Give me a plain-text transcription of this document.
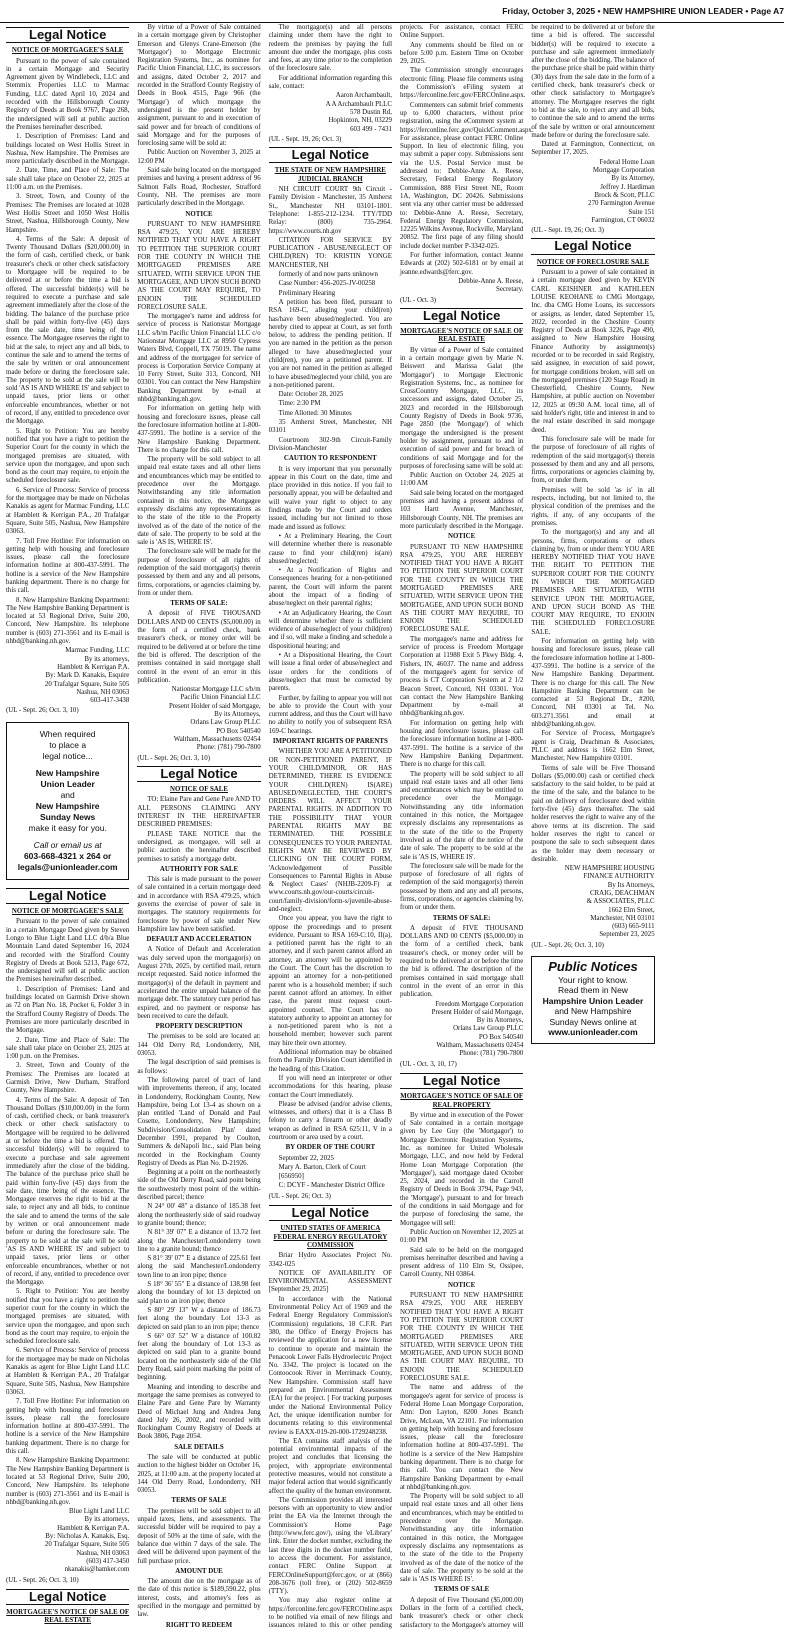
Friday, October 3, 2025 • NEW HAMPSHIRE UNION LEADER • Page A7
Legal Notice
NOTICE OF MORTGAGEE'S SALE

Pursuant to the power of sale contained in a certain Mortgage and Security Agreement given by Windlebeck, LLC and Stemmix Properties LLC to Marmac Funding, LLC dated April 10, 2024 and recorded with the Hillsborough County Registry of Deeds at Book 9767, Page 268, the undersigned will sell at public auction the Premises hereinafter described.

1. Description of Premises: Land and buildings located on West Hollis Street in Nashua, New Hampshire. The Premises are more particularly described in the Mortgage.

2. Date, Time, and Place of Sale: The sale shall take place on October 22, 2025 at 11:00 a.m. on the Premises.

3. Street, Town, and County of the Premises: The Premises are located at 1028 West Hollis Street and 1050 West Hollis Street, Nashua, Hillsborough County, New Hampshire.

4. Terms of the Sale: A deposit of Twenty Thousand Dollars ($20,000.00) in the form of cash, certified check, or bank treasurer's check or other check satisfactory to Mortgagee will be required to be delivered at or before the time a bid is offered. The successful bidder(s) will be required to execute a purchase and sale agreement immediately after the close of the bidding. The balance of the purchase price shall be paid within forty-five (45) days from the sale date, time being of the essence. The Mortgagee reserves the right to bid at the sale, to reject any and all bids, to continue the sale and to amend the terms of the sale by written or oral announcement made before or during the foreclosure sale. The property to be sold at the sale will be sold 'AS IS AND WHERE IS' and subject to unpaid taxes, prior liens or other enforceable encumbrances, whether or not of record, if any, entitled to precedence over the Mortgage.

5. Right to Petition: You are hereby notified that you have a right to petition the Superior Court for the county in which the mortgaged premises are situated, with service upon the mortgagee, and upon such bond as the court may require, to enjoin the scheduled foreclosure sale.

6. Service of Process: Service of process for the mortgagee may be made on Nicholas Kanakis as agent for Marmac Funding, LLC at Hamblett & Kerrigan P.A., 20 Trafalgar Square, Suite 505, Nashua, New Hampshire 03063.

7. Toll Free Hotline: For information on getting help with housing and foreclosure issues, please call the foreclosure information hotline at 800-437-5991. The hotline is a service of the New Hampshire banking department. There is no charge for this call.

8. New Hampshire Banking Department: The New Hampshire Banking Department is located at 53 Regional Drive, Suite 200, Concord, New Hampshire. Its telephone number is (603) 271-3561 and its E-mail is nhbd@banking.nh.gov.

Marmac Funding, LLC

By its attorneys,

Hamblett & Kerrigan P.A.

By: Mark D. Kanakis, Esquire

20 Trafalgar Square, Suite 505

Nashua, NH 03063

603-417-3438

(UL - Sept. 26; Oct. 3, 10)

When required
to place a
legal notice...
New Hampshire
Union Leader
and
New Hampshire
Sunday News
make it easy for you.
Call or email us at
603-668-4321 x 264 or
legals@unionleader.com
Legal Notice
NOTICE OF MORTGAGEE'S SALE

Pursuant to the power of sale contained in a certain Mortgage Deed given by Steven Longo to Blue Light Land LLC d/b/a Blue Mountain Land dated September 16, 2024 and recorded with the Strafford County Registry of Deeds at Book 5213, Page 672, the undersigned will sell at public auction the Premises hereinafter described.

1. Description of Premises: Land and buildings located on Garmish Drive shown as 72 on Plan No. 18, Pocket 6, Folder 3 in the Strafford County Registry of Deeds. The Premises are more particularly described in the Mortgage.

2. Date, Time and Place of Sale: The sale shall take place on October 23, 2025 at 1:00 p.m. on the Premises.

3. Street, Town and County of the Premises: The Premises are located at Garmish Drive, New Durham, Strafford County, New Hampshire.

4. Terms of the Sale: A deposit of Ten Thousand Dollars ($10,000.00) in the form of cash, certified check, or bank treasurer's check or other check satisfactory to Mortgagee will be required to be delivered at or before the time a bid is offered. The successful bidder(s) will be required to execute a purchase and sale agreement immediately after the close of the bidding. The balance of the purchase price shall be paid within forty-five (45) days from the sale date, time being of the essence. The Mortgagee reserves the right to bid at the sale, to reject any and all bids, to continue the sale and to amend the terms of the sale by written or oral announcement made before or during the foreclosure sale. The property to be sold at the sale will be sold 'AS IS AND WHERE IS' and subject to unpaid taxes, prior liens or other enforceable encumbrances, whether or not of record, if any, entitled to precedence over the Mortgage.

5. Right to Petition: You are hereby notified that you have a right to petition the superior court for the county in which the mortgaged premises are situated, with service upon the mortgagee, and upon such bond as the court may require, to enjoin the scheduled foreclosure sale.

6. Service of Process: Service of process for the mortgagee may be made on Nicholas Kanakis as agent for Blue Light Land LLC at Hamblett & Kerrigan P.A., 20 Trafalgar Square, Suite 505, Nashua, New Hampshire 03063.

7. Toll Free Hotline: For information on getting help with housing and foreclosure issues, please call the foreclosure information hotline at 800-437-5991. The hotline is a service of the New Hampshire banking department. There is no charge for this call.

8. New Hampshire Banking Department: The New Hampshire Banking Department is located at 53 Regional Drive, Suite 200, Concord, New Hampshire. Its telephone number is (603) 271-3561 and its E-mail is nhbd@banking.nh.gov.

Blue Light Land LLC

By its attorneys,

Hamblett & Kerrigan P.A.

By: Nicholas A. Kanakis, Esq.

20 Trafalgar Square, Suite 505

Nashua, NH 03063

(603) 417-3450

nkanakis@hamker.com

(UL - Sept. 26; Oct. 3, 10)

Legal Notice
MORTGAGEE'S NOTICE OF SALE OF REAL ESTATE

By virtue of a Power of Sale contained in a certain mortgage given by Christopher Emerson and Glenys Crane-Emerson (the 'Mortgagor') to Mortgage Electronic Registration Systems, Inc., as nominee for Pacific Union Financial, LLC, its successors and assigns, dated October 2, 2017 and recorded in the Strafford County Registry of Deeds in Book 4515, Page 966 (the 'Mortgage') of which mortgage the undersigned is the present holder by assignment, pursuant to and in execution of said power and for breach of conditions of said Mortgage and for the purposes of foreclosing same will be sold at:

Public Auction on November 3, 2025 at 12:00 PM

Said sale being located on the mortgaged premises and having a present address of 96 Salmon Falls Road, Rochester, Strafford County, NH. The premises are more particularly described in the Mortgage.

NOTICE

PURSUANT TO NEW HAMPSHIRE RSA 479:25, YOU ARE HEREBY NOTIFIED THAT YOU HAVE A RIGHT TO PETITION THE SUPERIOR COURT FOR THE COUNTY IN WHICH THE MORTGAGED PREMISES ARE SITUATED, WITH SERVICE UPON THE MORTGAGEE, AND UPON SUCH BOND AS THE COURT MAY REQUIRE, TO ENJOIN THE SCHEDULED FORECLOSURE SALE.

The mortgagee's name and address for service of process is Nationstar Mortgage LLC s/b/m Pacific Union Financial LLC c/o Nationstar Mortgage LLC at 8950 Cypress Waters Blvd, Coppell, TX 75019. The name and address of the mortgagee for service of process is Corporation Service Company at 10 Ferry Street, Suite 313, Concord, NH 03301. You can contact the New Hampshire Banking Department by e-mail at nhbd@banking.nh.gov.

For information on getting help with housing and foreclosure issues, please call the foreclosure information hotline at 1-800-437-5991. The hotline is a service of the New Hampshire Banking Department. There is no charge for this call.

The property will be sold subject to all unpaid real estate taxes and all other liens and encumbrances which may be entitled to precedence over the Mortgage. Notwithstanding any title information contained in this notice, the Mortgagee expressly disclaims any representations as to the state of the title to the Property involved as of the date of the notice of the date of sale. The property to be sold at the sale is 'AS IS, WHERE IS'.

The foreclosure sale will be made for the purpose of foreclosure of all rights of redemption of the said mortgagor(s) therein possessed by them and any and all persons, firms, corporations, or agencies claiming by, from or under them.

TERMS OF SALE:

A deposit of FIVE THOUSAND DOLLARS AND 00 CENTS ($5,000.00) in the form of a certified check, bank treasurer's check, or money order will be required to be delivered at or before the time the bid is offered. The description of the premises contained in said mortgage shall control in the event of an error in this publication.

Nationstar Mortgage LLC s/b/m

Pacific Union Financial LLC

Present Holder of said Mortgage,

By its Attorneys,

Orlans Law Group PLLC

PO Box 540540

Waltham, Massachusetts 02454

Phone: (781) 790-7800

(UL - Sept. 26; Oct. 3, 10)

Legal Notice
NOTICE OF SALE

TO: Elaine Pare and Gene Pare AND TO ALL PERSONS CLAIMING ANY INTEREST IN THE HEREINAFTER DESCRIBED PREMISES:

PLEASE TAKE NOTICE that the undersigned, as mortgagee, will sell at public auction the hereinafter described premises to satisfy a mortgage debt.

AUTHORITY FOR SALE

This sale is made pursuant to the power of sale contained in a certain mortgage deed and in accordance with RSA 479:25, which governs the exercise of power of sale in mortgages. The statutory requirements for foreclosure by power of sale under New Hampshire law have been satisfied.

DEFAULT AND ACCELERATION

A Notice of Default and Acceleration was duly served upon the mortgagor(s) on August 27th, 2025, by certified mail, return receipt requested. Said notice informed the mortgagor(s) of the default in payment and accelerated the entire unpaid balance of the mortgage debt. The statutory cure period has expired, and no payment or response has been received to cure the default.

PROPERTY DESCRIPTION

The premises to be sold are located at: 144 Old Derry Rd, Londonderry, NH, 03053.

The legal description of said premises is as follows:

The following parcel of tract of land with improvements thereon, if any, located in Londonderry, Rockingham County, New Hampshire, being Lot 13-4 as shown on a plan entitled 'Land of Donald and Paul Cosette, Londonderry, New Hampshire; Subdivision/Consolidation Plan' dated December 1991, prepared by Coulton, Summers & deNapoli Inc., said Plan being recorded in the Rockingham County Registry of Deeds as Plan No. D-21926.

Beginning at a point on the northeasterly side of the Old Derry Road, said point being the southwesterly most point of the within-described parcel; thence

N 24° 00' 48" a distance of 185.38 feet along the northeasterly side of said roadway to granite bound; thence;

N 81° 39' 07" E a distance of 13.72 feet along the Manchester/Londonderry town line to a granite bound; thence

S 81° 39' 07" E a distance of 225.61 feet along the said Manchester/Londonderry town line to an iron pipe; thence

S 18° 36' 55" E a distance of 138.98 feet along the boundary of lot 13 depicted on said plan to an iron pipe; thence

S 80° 29' 13" W a distance of 186.73 feet along the boundary Lot 13-3 as depicted on said plan to an iron pipe; thence

S 66° 03' 52" W a distance of 100.82 feet along the boundary of Lot 13-3 as depicted on said plan to a granite bound located on the northeasterly side of the Old Derry Road, said point marking the point of beginning.

Meaning and intending to describe and mortgage the same premises as conveyed to Elaine Pare and Gene Pare by Warranty Deed of Michael Jung and Andrea Jung dated July 26, 2002, and recorded with Rockingham County Registry of Deeds at Book 3806, Page 2054.

SALE DETAILS

The sale will be conducted at public auction to the highest bidder on October 16, 2025, at 11:00 a.m. at the property located at 144 Old Derry Road, Londonderry, NH 03053.

TERMS OF SALE

The premises will be sold subject to all unpaid taxes, liens, and assessments. The successful bidder will be required to pay a deposit of 50% at the time of sale, with the balance due within 7 days of the sale. The deed will be delivered upon payment of the full purchase price.

AMOUNT DUE

The amount due on the mortgage as of the date of this notice is $189,590.22, plus interest, costs, and attorney's fees as specified in the mortgage and permitted by law.

RIGHT TO REDEEM

The mortgagor(s) and all persons claiming under them have the right to redeem the premises by paying the full amount due under the mortgage, plus costs and fees, at any time prior to the completion of the foreclosure sale.

For additional information regarding this sale, contact:

Aaron Archambault,

A A Archambault PLLC

578 Dustin Rd,

Hopkinton, NH, 03229

603 499 - 7431

(UL - Sept. 19, 26; Oct. 3)

Legal Notice
THE STATE OF NEW HAMPSHIRE JUDICIAL BRANCH

NH CIRCUIT COURT 9th Circuit - Family Division - Manchester, 35 Amherst St., Manchester NH 03101-1801. Telephone: 1-855-212-1234. TTY/TDD Relay: (800) 735-2964. https://www.courts.nh.gov

CITATION FOR SERVICE BY PUBLICATION - ABUSE/NEGLECT OF CHILD(REN) TO: KRISTIN YONGE MANCHESTER, NH

formerly of and now parts unknown

Case Number: 456-2025-JV-00258

Preliminary Hearing

A petition has been filed, pursuant to RSA 169-C, alleging your child(ren) has/have been abused/neglected. You are hereby cited to appear at Court, as set forth below, to address the pending petition. If you are named in the petition as the person alleged to have abused/neglected your child(ren), you are a petitioned parent. If you are not named in the petition as alleged to have abused/neglected your child, you are a non-petitioned parent.

Date: October 28, 2025

Time: 2:30 PM

Time Allotted: 30 Minutes

35 Amherst Street, Manchester, NH 03101

Courtroom 302-9th Circuit-Family Division-Manchester

CAUTION TO RESPONDENT

It is very important that you personally appear in this Court on the date, time and place provided in this notice. If you fail to personally appear, you will be defaulted and will waive your right to object to any findings made by the Court and orders issued, including but not limited to those made and issued as follows:

• At a Preliminary Hearing, the Court will determine whether there is reasonable cause to find your child(ren) is(are) abused/neglected;

• At a Notification of Rights and Consequences hearing for a non-petitioned parent, the Court will inform the parent about the impact of a finding of abuse/neglect on their parental rights;

• At an Adjudicatory Hearing, the Court will determine whether there is sufficient evidence of abuse/neglect of your child(ren) and if so, will make a finding and schedule a dispositional hearing; and

• At a Dispositional Hearing, the Court will issue a final order of abuse/neglect and issue orders for the conditions of abuse/neglect that must be corrected by parents.

Further, by failing to appear you will not be able to provide the Court with your current address, and thus the Court will have no ability to notify you of subsequent RSA 169-C hearings.

IMPORTANT RIGHTS OF PARENTS

WHETHER YOU ARE A PETITIONED OR NON-PETITIONED PARENT, IF YOUR CHILD/MINOR, OR HAS DETERMINED, THERE IS EVIDENCE YOUR CHILD(REN) IS(ARE) ABUSED/NEGLECTED, THE COURT'S ORDERS WILL AFFECT YOUR PARENTAL RIGHTS. IN ADDITION TO THE POSSIBILITY THAT YOUR PARENTAL RIGHTS MAY BE TERMINATED. THE POSSIBLE CONSEQUENCES TO YOUR PARENTAL RIGHTS MAY BE REVIEWED BY CLICKING ON THE COURT FORM, 'Acknowledgement of Possible Consequences to Parental Rights in Abuse & Neglect Cases' (NHJB-2209-F) at www.courts.nh.gov/our-courts/circuit-court/family-division/form-s/juvenile-abuse-and-neglect.

Once you appear, you have the right to oppose the proceedings and to present evidence. Pursuant to RSA 169-C:10, II(a), a petitioned parent has the right to an attorney, and if such parent cannot afford an attorney, an attorney will be appointed by the Court. The Court has the discretion to appoint an attorney for a non-petitioned parent who is a household member; if such parent cannot afford an attorney. In either case, the parent must request court-appointed counsel. The Court has no statutory authority to appoint an attorney for a non-petitioned parent who is not a household member; however such parent may hire their own attorney.

Additional information may be obtained from the Family Division Court identified in the heading of this Citation.

If you will need an interpreter or other accommodations for this hearing, please contact the Court immediately.

Please be advised (and/or advise clients, witnesses, and others) that it is a Class B felony to carry a firearm or other deadly weapon as defined in RSA 625:11, V in a courtroom or area used by a court.

BY ORDER OF THE COURT

September 22, 2025

Mary A. Barton, Clerk of Court

[656950]

C: DCYF - Manchester District Office

(UL - Sept. 26; Oct. 3)

Legal Notice
UNITED STATES OF AMERICA FEDERAL ENERGY REGULATORY COMMISSION

Briar Hydro Associates Project No. 3342-025

NOTICE OF AVAILABILITY OF ENVIRONMENTAL ASSESSMENT [September 29, 2025]

In accordance with the National Environmental Policy Act of 1969 and the Federal Energy Regulatory Commission's (Commission) regulations, 18 C.F.R. Part 380, the Office of Energy Projects has reviewed the application for a new license to continue to operate and maintain the Penacook Lower Falls Hydroelectric Project No. 3342. The project is located on the Contoocook River in Merrimack County, New Hampshire. Commission staff have prepared an Environmental Assessment (EA) for the project. [ For tracking purposes under the National Environmental Policy Act, the unique identification number for documents relating to this environmental review is EAXX-019-20-000-1729248238.

The EA contains staff analysis of the potential environmental impacts of the project and concludes that licensing the project, with appropriate environmental protective measures, would not constitute a major federal action that would significantly affect the quality of the human environment.

The Commission provides all interested persons with an opportunity to view and/or print the EA via the Internet through the Commission's Home Page (http://www.ferc.gov/), using the 'eLibrary' link. Enter the docket number, excluding the last three digits in the docket number field, to access the document. For assistance, contact FERC Online Support at FERCOnlineSupport@ferc.gov, or at (866) 208-3676 (toll free), or (202) 502-8659 (TTY).

You may also register online at https://ferconline.ferc.gov/FERCOnline.aspx to be notified via email of new filings and issuances related to this or other pending projects. For assistance, contact FERC Online Support.

Any comments should be filed on or before 5:00 p.m. Eastern Time on October 29, 2025.

The Commission strongly encourages electronic filing. Please file comments using the Commission's eFiling system at https://ferconline.ferc.gov/FERCOnline.aspx.

Commenters can submit brief comments up to 6,000 characters, without prior registration, using the eComment system at https://ferconline.ferc.gov/QuickComment.aspx. For assistance, please contact FERC Online Support. In lieu of electronic filing, you may submit a paper copy. Submissions sent via the U.S. Postal Service must be addressed to: Debbie-Anne A. Reese, Secretary, Federal Energy Regulatory Commission, 888 First Street NE, Room 1A, Washington, DC 20426. Submissions sent via any other carrier must be addressed to: Debbie-Anne A. Reese, Secretary, Federal Energy Regulatory Commission, 12225 Wilkins Avenue, Rockville, Maryland 20852. The first page of any filing should include docket number P-3342-025.

For further information, contact Jeanne Edwards at (202) 502-6181 or by email at jeanne.edwards@ferc.gov.

Debbie-Anne A. Reese,

Secretary.

(UL - Oct. 3)

Legal Notice
MORTGAGEE'S NOTICE OF SALE OF REAL ESTATE

By virtue of a Power of Sale contained in a certain mortgage given by Marie N. Beiswert and Marissa Galat (the 'Mortgagor') to Mortgage Electronic Registration Systems, Inc., as nominee for CrossCountry Mortgage, LLC, its successors and assigns, dated October 25, 2023 and recorded in the Hillsborough County Registry of Deeds in Book 9736, Page 2850 (the 'Mortgage') of which mortgage the undersigned is the present holder by assignment, pursuant to and in execution of said power and for breach of conditions of said Mortgage and for the purposes of foreclosing same will be sold at:

Public Auction on October 24, 2025 at 11:00 AM

Said sale being located on the mortgaged premises and having a present address of 103 Hartt Avenue, Manchester, Hillsborough County, NH. The premises are more particularly described in the Mortgage.

NOTICE

PURSUANT TO NEW HAMPSHIRE RSA 479:25, YOU ARE HEREBY NOTIFIED THAT YOU HAVE A RIGHT TO PETITION THE SUPERIOR COURT FOR THE COUNTY IN WHICH THE MORTGAGED PREMISES ARE SITUATED, WITH SERVICE UPON THE MORTGAGEE, AND UPON SUCH BOND AS THE COURT MAY REQUIRE, TO ENJOIN THE SCHEDULED FORECLOSURE SALE.

The mortgagee's name and address for service of process is Freedom Mortgage Corporation at 11988 Exit 5 Pkwy Bldg. 4, Fishers, IN, 46037. The name and address of the mortgagee's agent for service of process is CT Corporation System at 2 1/2 Beacon Street, Concord, NH 03301. You can contact the New Hampshire Banking Department by e-mail at nhbd@banking.nh.gov.

For information on getting help with housing and foreclosure issues, please call the foreclosure information hotline at 1-800-437-5991. The hotline is a service of the New Hampshire Banking Department. There is no charge for this call.

The property will be sold subject to all unpaid real estate taxes and all other liens and encumbrances which may be entitled to precedence over the Mortgage. Notwithstanding any title information contained in this notice, the Mortgagee expressly disclaims any representations as to the state of the title to the Property involved as of the date of the notice of the date of sale. The property to be sold at the sale is 'AS IS, WHERE IS'.

The foreclosure sale will be made for the purpose of foreclosure of all rights of redemption of the said mortgagor(s) therein possessed by them and any and all persons, firms, corporations, or agencies claiming by, from or under them.

TERMS OF SALE:

A deposit of FIVE THOUSAND DOLLARS AND 00 CENTS ($5,000.00) in the form of a certified check, bank treasurer's check, or money order will be required to be delivered at or before the time the bid is offered. The description of the premises contained in said mortgage shall control in the event of an error in this publication.

Freedom Mortgage Corporation

Present Holder of said Mortgage,

By its Attorneys,

Orlans Law Group PLLC

PO Box 540540

Waltham, Massachusetts 02454

Phone: (781) 790-7800

(UL - Oct. 3, 10, 17)

Legal Notice
MORTGAGEE'S NOTICE OF SALE OF REAL PROPERTY

By virtue and in execution of the Power of Sale contained in a certain mortgage given by Lee Guy (the 'Mortgagor') to Mortgage Electronic Registration Systems, Inc. as nominee for United Wholesale Mortgage, LLC, and now held by Federal Home Loan Mortgage Corporation (the 'Mortgagee'), said mortgage dated October 25, 2024, and recorded in the Carroll Registry of Deeds in Book 3794, Page 943, the 'Mortgage'), pursuant to and for breach of the conditions in said Mortgage and for the purpose of foreclosing the same, the Mortgagee will sell:

Public Auction on November 12, 2025 at 01:00 PM

Said sale to be held on the mortgaged premises hereinafter described and having a present address of 110 Elm St, Ossipee, Carroll County, NH 03864.

NOTICE

PURSUANT TO NEW HAMPSHIRE RSA 479:25, YOU ARE HEREBY NOTIFIED THAT YOU HAVE A RIGHT TO PETITION THE SUPERIOR COURT FOR THE COUNTY IN WHICH THE MORTGAGED PREMISES ARE SITUATED, WITH SERVICE UPON THE MORTGAGEE, AND UPON SUCH BOND AS THE COURT MAY REQUIRE, TO ENJOIN THE SCHEDULED FORECLOSURE SALE.

The name and address of the mortgagee's agent for service of process is Federal Home Loan Mortgage Corporation, Attn: Don Layton, 8200 Jones Branch Drive, McLean, VA 22101. For information on getting help with housing and foreclosure issues, please call the foreclosure information hotline at 800-437-5991. The hotline is a service of the New Hampshire banking department. There is no charge for this call. You can contact the New Hampshire Banking Department by e-mail at nhbd@banking.nh.gov.

The Property will be sold subject to all unpaid real estate taxes and all other liens and encumbrances, which may be entitled to precedence over the Mortgage. Notwithstanding any title information contained in this notice, the Mortgagee expressly disclaims any representations as to the state of the title to the Property involved as of the date of the notice of the date of sale. The property to be sold at the sale is 'AS IS WHERE IS'.

TERMS OF SALE

A deposit of Five Thousand ($5,000.00) Dollars in the form of a certified check, bank treasurer's check or other check satisfactory to the Mortgagee's attorney will be required to be delivered at or before the time a bid is offered. The successful bidder(s) will be required to execute a purchase and sale agreement immediately after the close of the bidding. The balance of the purchase price shall be paid within thirty (30) days from the sale date in the form of a certified check, bank treasurer's check or other check satisfactory to Mortgagee's attorney. The Mortgagee reserves the right to bid at the sale, to reject any and all bids, to continue the sale and to amend the terms of the sale by written or oral announcement made before or during the foreclosure sale.

Dated at Farmington, Connecticut, on September 17, 2025.

Federal Home Loan

Mortgage Corporation

By its Attorney,

Jeffrey J. Hardiman

Brock & Scott, PLLC

270 Farmington Avenue

Suite 151

Farmington, CT 06032

(UL - Sept. 19, 26; Oct. 3)

Legal Notice
NOTICE OF FORECLOSURE SALE

Pursuant to a power of sale contained in a certain mortgage deed given by KEVIN CARL KEISHNER and KATHLEEN LOUISE KEOHANE to CMG Mortgage, Inc. dba CMG Home Loans, its successors or assigns, as lender, dated September 15, 2022, recorded in the Cheshire County Registry of Deeds at Book 3226, Page 490, assigned to New Hampshire Housing Finance Authority by assignment(s) recorded or to be recorded in said Registry, said assignee, in execution of said power, for mortgage conditions broken, will sell on the mortgaged premises (120 Stage Road) in Chesterfield, Cheshire County, New Hampshire, at public auction on November 12, 2025 at 09:30 A.M. local time, all of said holder's right, title and interest in and to the real estate described in said mortgage deed.

This foreclosure sale will be made for the purpose of foreclosure of all rights of redemption of the said mortgagor(s) therein possessed by them and any and all persons, firms, corporations or agencies claiming by, from, or under them.

Premises will be sold 'as is' in all respects, including, but not limited to, the physical condition of the premises and the rights, if any, of any occupants of the premises.

To the mortgagor(s) and any and all persons, firms, corporations or others claiming by, from or under them: YOU ARE HEREBY NOTIFIED THAT YOU HAVE THE RIGHT TO PETITION THE SUPERIOR COURT FOR THE COUNTY IN WHICH THE MORTGAGED PREMISES ARE SITUATED, WITH SERVICE UPON THE MORTGAGEE, AND UPON SUCH BOND AS THE COURT MAY REQUIRE, TO ENJOIN THE SCHEDULED FORECLOSURE SALE.

For information on getting help with housing and foreclosure issues, please call the foreclosure information hotline at 1-800-437-5991. The hotline is a service of the New Hampshire Banking Department. There is no charge for this call. The New Hampshire Banking Department can be contacted at 53 Regional Dr., #200, Concord, NH 03301 at Tel. No. 603.271.3561 and email at nhbd@banking.nh.gov.

For Service of Process, Mortgagee's agent is Craig, Deachman & Associates, PLLC and address is 1662 Elm Street, Manchester, New Hampshire 03101.

Terms of sale will be Five Thousand Dollars ($5,000.00) cash or certified check satisfactory to the said holder, to be paid at the time of the sale, and the balance to be paid on delivery of foreclosure deed within forty-five (45) days thereafter. The said holder reserves the right to waive any of the above terms at its discretion. The said holder reserves the right to cancel or postpone the sale to such subsequent dates as the holder may deem necessary or desirable.

NEW HAMPSHIRE HOUSING

FINANCE AUTHORITY

By Its Attorneys,

CRAIG, DEACHMAN

& ASSOCIATES, PLLC

1662 Elm Street,

Manchester, NH 03101

(603) 665-9111

September 23, 2025

(UL - Sept. 26; Oct. 3, 10)

Public Notices
Your right to know.
Read them in New
Hampshire Union Leader
and New Hampshire
Sunday News online at
www.unionleader.com
